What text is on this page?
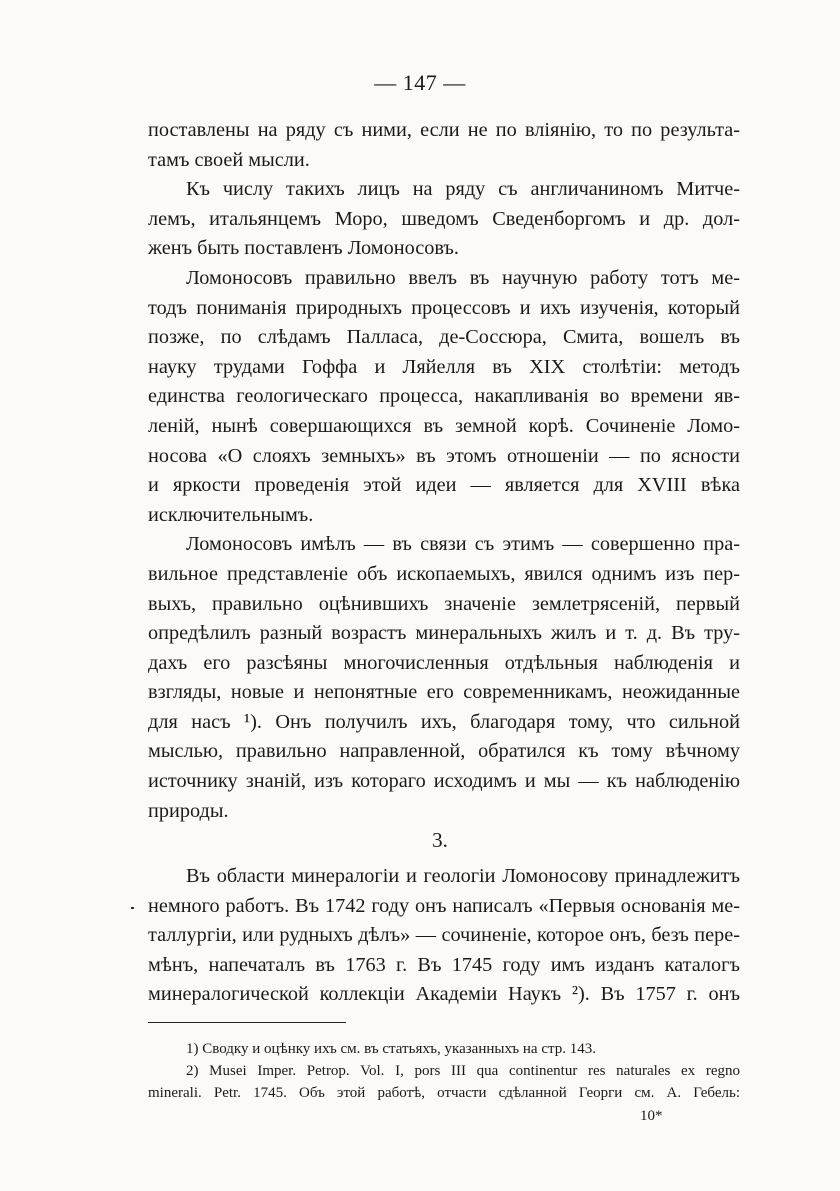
— 147 —
поставлены на ряду съ ними, если не по вліянію, то по результа-
тамъ своей мысли.
Къ числу такихъ лицъ на ряду съ англичаниномъ Митче-
лемъ, итальянцемъ Моро, шведомъ Сведенборгомъ и др. дол-
женъ быть поставленъ Ломоносовъ.
Ломоносовъ правильно ввелъ въ научную работу тотъ ме-
тодъ пониманія природныхъ процессовъ и ихъ изученія, который
позже, по слѣдамъ Палласа, де-Соссюра, Смита, вошелъ въ
науку трудами Гоффа и Ляйелля въ XIX столѣтіи: методъ
единства геологическаго процесса, накапливанія во времени яв-
леній, нынѣ совершающихся въ земной корѣ. Сочиненіе Ломо-
носова «О слояхъ земныхъ» въ этомъ отношеніи — по ясности
и яркости проведенія этой идеи — является для XVIII вѣка
исключительнымъ.
Ломоносовъ имѣлъ — въ связи съ этимъ — совершенно пра-
вильное представленіе объ ископаемыхъ, явился однимъ изъ пер-
выхъ, правильно оцѣнившихъ значеніе землетрясеній, первый
опредѣлилъ разный возрастъ минеральныхъ жилъ и т. д. Въ тру-
дахъ его разсѣяны многочисленныя отдѣльныя наблюденія и
взгляды, новые и непонятные его современникамъ, неожиданные
для насъ ¹). Онъ получилъ ихъ, благодаря тому, что сильной
мыслью, правильно направленной, обратился къ тому вѣчному
источнику знаній, изъ котораго исходимъ и мы — къ наблюденію
природы.
3.
Въ области минералогіи и геологіи Ломоносову принадлежитъ
немного работъ. Въ 1742 году онъ написалъ «Первыя основанія ме-
таллургіи, или рудныхъ дѣлъ» — сочиненіе, которое онъ, безъ пере-
мѣнъ, напечаталъ въ 1763 г. Въ 1745 году имъ изданъ каталогъ
минералогической коллекціи Академіи Наукъ ²). Въ 1757 г. онъ
1) Сводку и оцѣнку ихъ см. въ статьяхъ, указанныхъ на стр. 143.
2) Musei Imper. Petrop. Vol. I, pors III qua continentur res naturales ex regno
minerali. Petr. 1745. Объ этой работѣ, отчасти сдѣланной Георги см. А. Гебель:
10*
